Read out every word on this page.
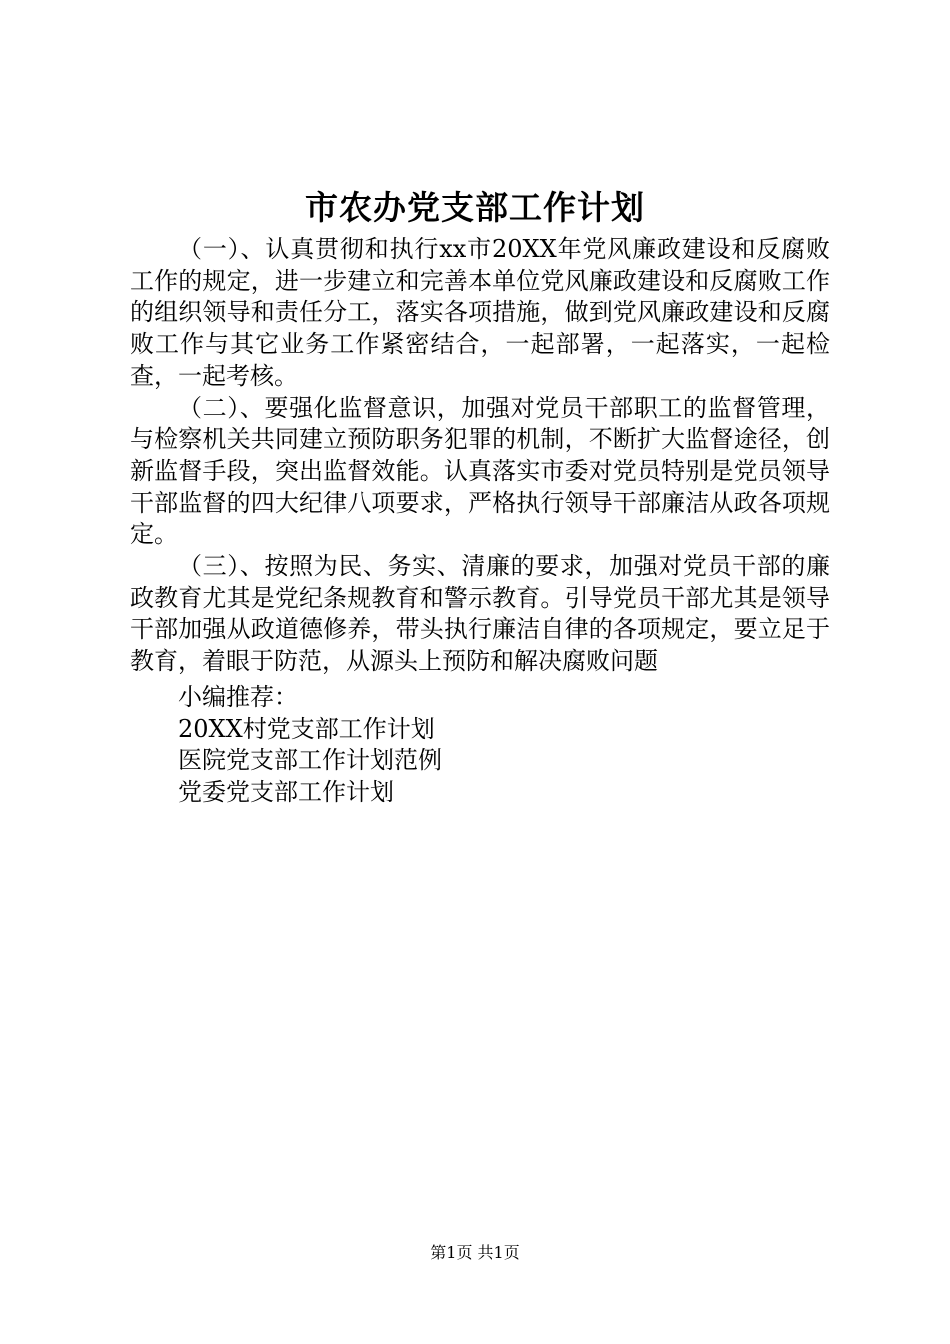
市农办党支部工作计划

（一）、认真贯彻和执行xx市20XX年党风廉政建设和反腐败工作的规定，进一步建立和完善本单位党风廉政建设和反腐败工作的组织领导和责任分工，落实各项措施，做到党风廉政建设和反腐败工作与其它业务工作紧密结合，一起部署，一起落实，一起检查，一起考核。

（二）、要强化监督意识，加强对党员干部职工的监督管理，与检察机关共同建立预防职务犯罪的机制，不断扩大监督途径，创新监督手段，突出监督效能。认真落实市委对党员特别是党员领导干部监督的四大纪律八项要求，严格执行领导干部廉洁从政各项规定。

（三）、按照为民、务实、清廉的要求，加强对党员干部的廉政教育尤其是党纪条规教育和警示教育。引导党员干部尤其是领导干部加强从政道德修养，带头执行廉洁自律的各项规定，要立足于教育，着眼于防范，从源头上预防和解决腐败问题

小编推荐：

20XX村党支部工作计划

医院党支部工作计划范例

党委党支部工作计划

第1页 共1页
